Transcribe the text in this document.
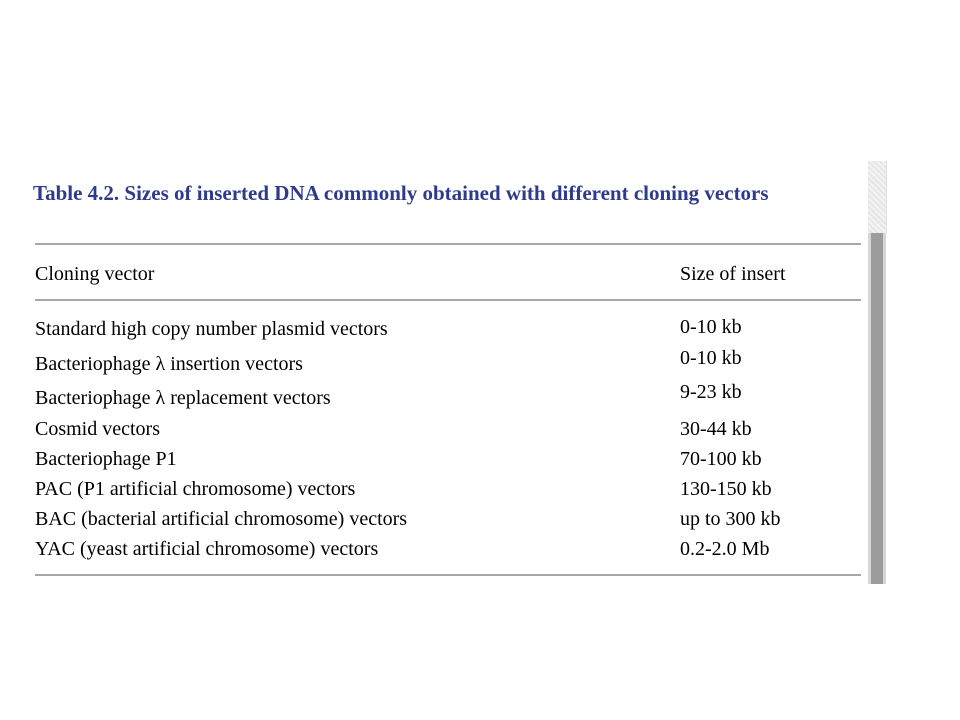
Table 4.2. Sizes of inserted DNA commonly obtained with different cloning vectors
Cloning vector	Size of insert
Standard high copy number plasmid vectors	0-10 kb
Bacteriophage λ insertion vectors	0-10 kb
Bacteriophage λ replacement vectors	9-23 kb
Cosmid vectors	30-44 kb
Bacteriophage P1	70-100 kb
PAC (P1 artificial chromosome) vectors	130-150 kb
BAC (bacterial artificial chromosome) vectors	up to 300 kb
YAC (yeast artificial chromosome) vectors	0.2-2.0 Mb
